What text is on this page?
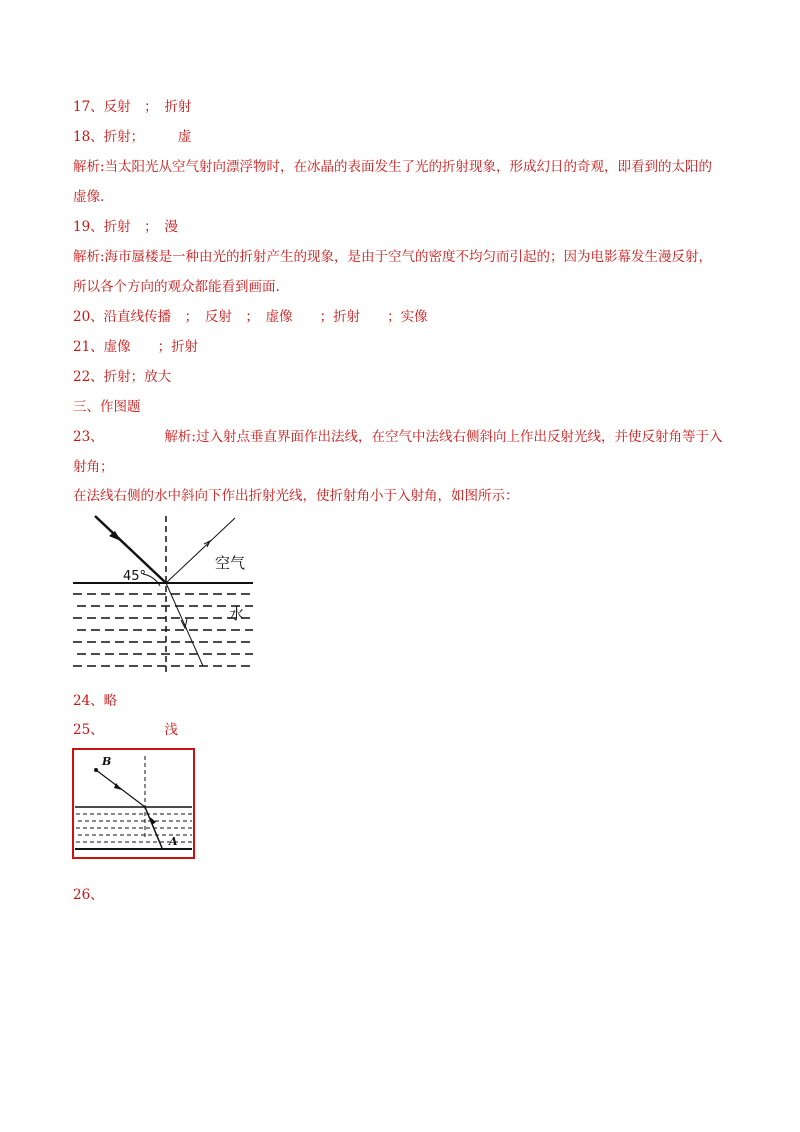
17、反射　；　折射
18、折射；　　　虚
解析:当太阳光从空气射向漂浮物时，在冰晶的表面发生了光的折射现象，形成幻日的奇观，即看到的太阳的
虚像.
19、折射　；　漫
解析:海市蜃楼是一种由光的折射产生的现象，是由于空气的密度不均匀而引起的；因为电影幕发生漫反射，
所以各个方向的观众都能看到画面.
20、沿直线传播　；　反射　；　虚像　　；折射　　；实像
21、虚像　　；折射
22、折射；放大
三、作图题
23、　　　　　解析:过入射点垂直界面作出法线，在空气中法线右侧斜向上作出反射光线，并使反射角等于入
射角；
在法线右侧的水中斜向下作出折射光线，使折射角小于入射角，如图所示：
45°
空气
水
24、略
25、　　　　　浅
B
A
26、
